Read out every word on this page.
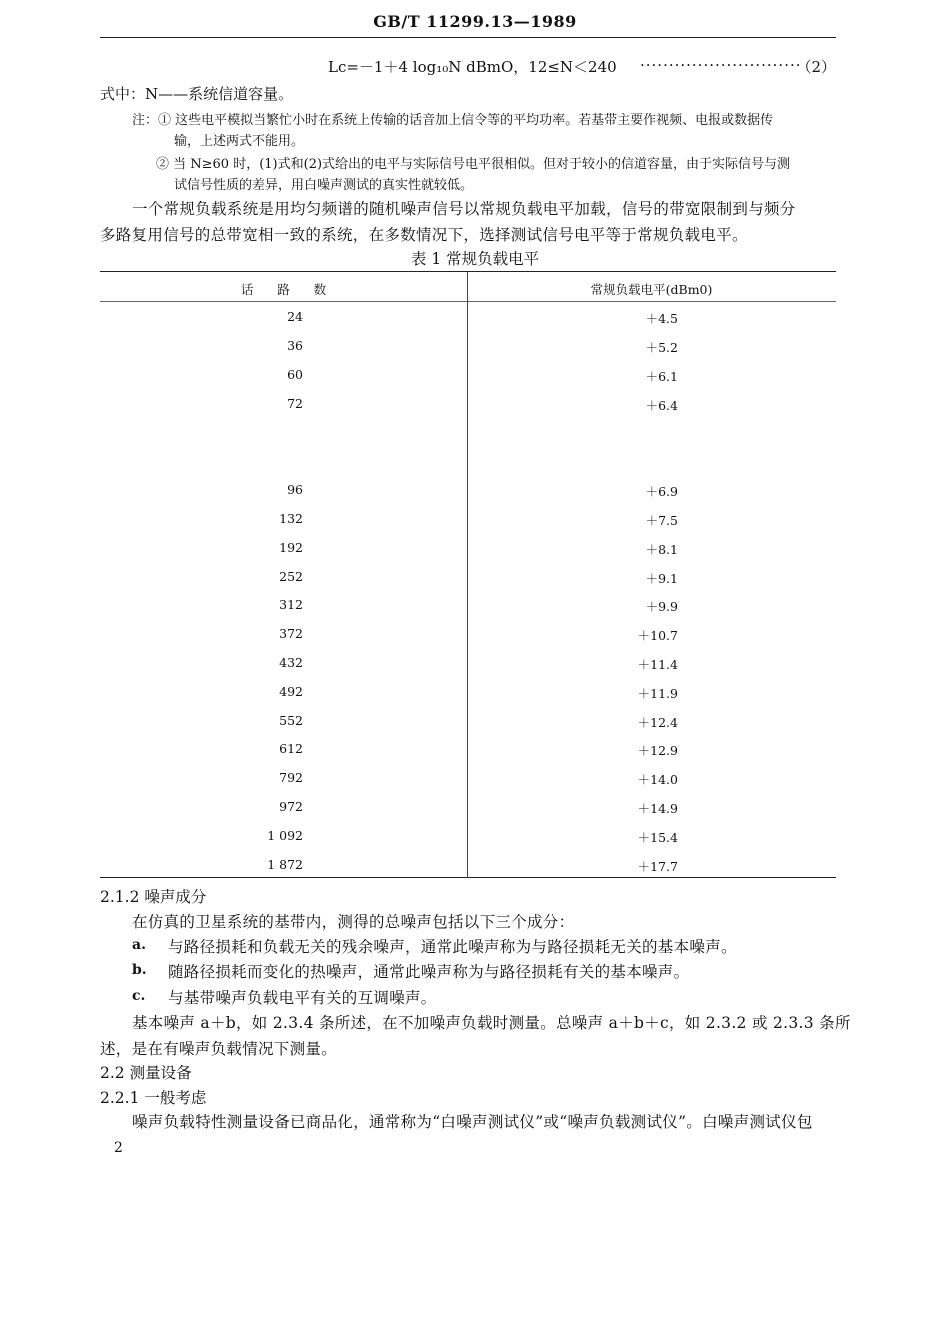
GB/T 11299.13—1989
Lc=－1＋4 log₁₀N dBmO，12≤N＜240 ····························
（2）
式中：N——系统信道容量。
注：① 这些电平模拟当繁忙小时在系统上传输的话音加上信令等的平均功率。若基带主要作视频、电报或数据传
输，上述两式不能用。
② 当 N≥60 时，(1)式和(2)式给出的电平与实际信号电平很相似。但对于较小的信道容量，由于实际信号与测
试信号性质的差异，用白噪声测试的真实性就较低。
一个常规负载系统是用均匀频谱的随机噪声信号以常规负载电平加载，信号的带宽限制到与频分
多路复用信号的总带宽相一致的系统，在多数情况下，选择测试信号电平等于常规负载电平。
表 1 常规负载电平
话      路      数	常规负载电平(dBm0)
24	＋4.5
36	＋5.2
60	＋6.1
72	＋6.4
96	＋6.9
132	＋7.5
192	＋8.1
252	＋9.1
312	＋9.9
372	＋10.7
432	＋11.4
492	＋11.9
552	＋12.4
612	＋12.9
792	＋14.0
972	＋14.9
1 092	＋15.4
1 872	＋17.7
2.1.2 噪声成分
在仿真的卫星系统的基带内，测得的总噪声包括以下三个成分：
a. 与路径损耗和负载无关的残余噪声，通常此噪声称为与路径损耗无关的基本噪声。
b. 随路径损耗而变化的热噪声，通常此噪声称为与路径损耗有关的基本噪声。
c. 与基带噪声负载电平有关的互调噪声。
基本噪声 a＋b，如 2.3.4 条所述，在不加噪声负载时测量。总噪声 a＋b＋c，如 2.3.2 或 2.3.3 条所
述，是在有噪声负载情况下测量。
2.2 测量设备
2.2.1 一般考虑
噪声负载特性测量设备已商品化，通常称为“白噪声测试仪”或“噪声负载测试仪”。白噪声测试仪包
2
